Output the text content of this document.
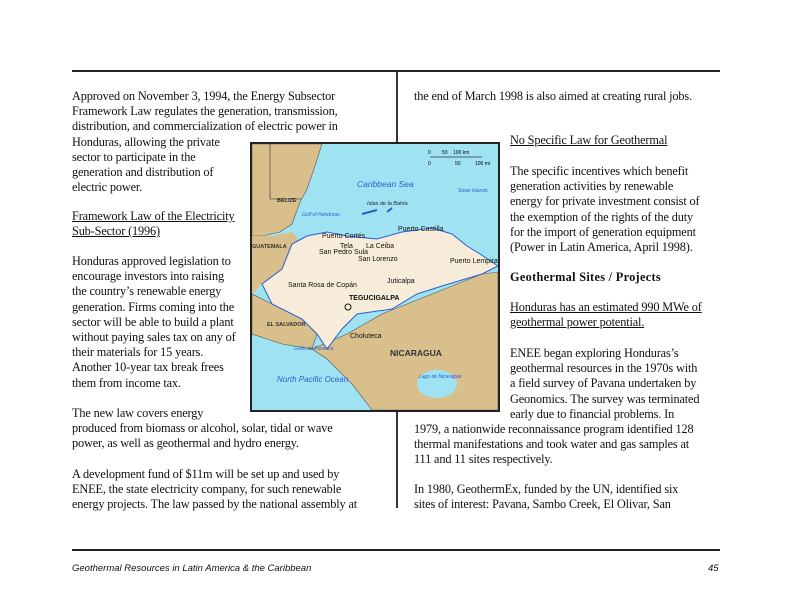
Approved on November 3, 1994, the Energy Subsector
Framework Law regulates the generation, transmission,
distribution, and commercialization of electric power in
Honduras, allowing the private
sector to participate in the
generation and distribution of
electric power.
Framework Law of the Electricity
Sub-Sector (1996)
Honduras approved legislation to
encourage investors into raising
the country’s renewable energy
generation. Firms coming into the
sector will be able to build a plant
without paying sales tax on any of
their materials for 15 years.
Another 10-year tax break frees
them from income tax.
The new law covers energy
produced from biomass or alcohol, solar, tidal or wave
power, as well as geothermal and hydro energy.
A development fund of $11m will be set up and used by
ENEE, the state electricity company, for such renewable
energy projects. The law passed by the national assembly at
the end of March 1998 is also aimed at creating rural jobs.
No Specific Law for Geothermal
The specific incentives which benefit
generation activities by renewable
energy for private investment consist of
the exemption of the rights of the duty
for the import of generation equipment
(Power in Latin America, April 1998).
Geothermal Sites / Projects
Honduras has an estimated 990 MWe of
geothermal power potential.
ENEE began exploring Honduras’s
geothermal resources in the 1970s with
a field survey of Pavana undertaken by
Geonomics. The survey was terminated
early due to financial problems. In
1979, a nationwide reconnaissance program identified 128
thermal manifestations and took water and gas samples at
111 and 11 sites respectively.
In 1980, GeothermEx, funded by the UN, identified six
sites of interest: Pavana, Sambo Creek, El Olivar, San
0 50 100 km
0	50	100 mi
Caribbean Sea
Islas de la Bahía
Swan Islands
Gulf of Honduras
Golfo de Fonseca
North Pacific Ocean	Lago de Nicaragua
BELIZE
GUATEMALA
EL SALVADOR
NICARAGUA
TEGUCIGALPA
Puerto Cortés
Tela La Ceiba
Puerto Castilla
San Pedro Sula
San Lorenzo	Puerto Lempira
Santa Rosa de Copán
Juticalpa
Choluteca
Geothermal Resources in Latin America & the Caribbean	45
